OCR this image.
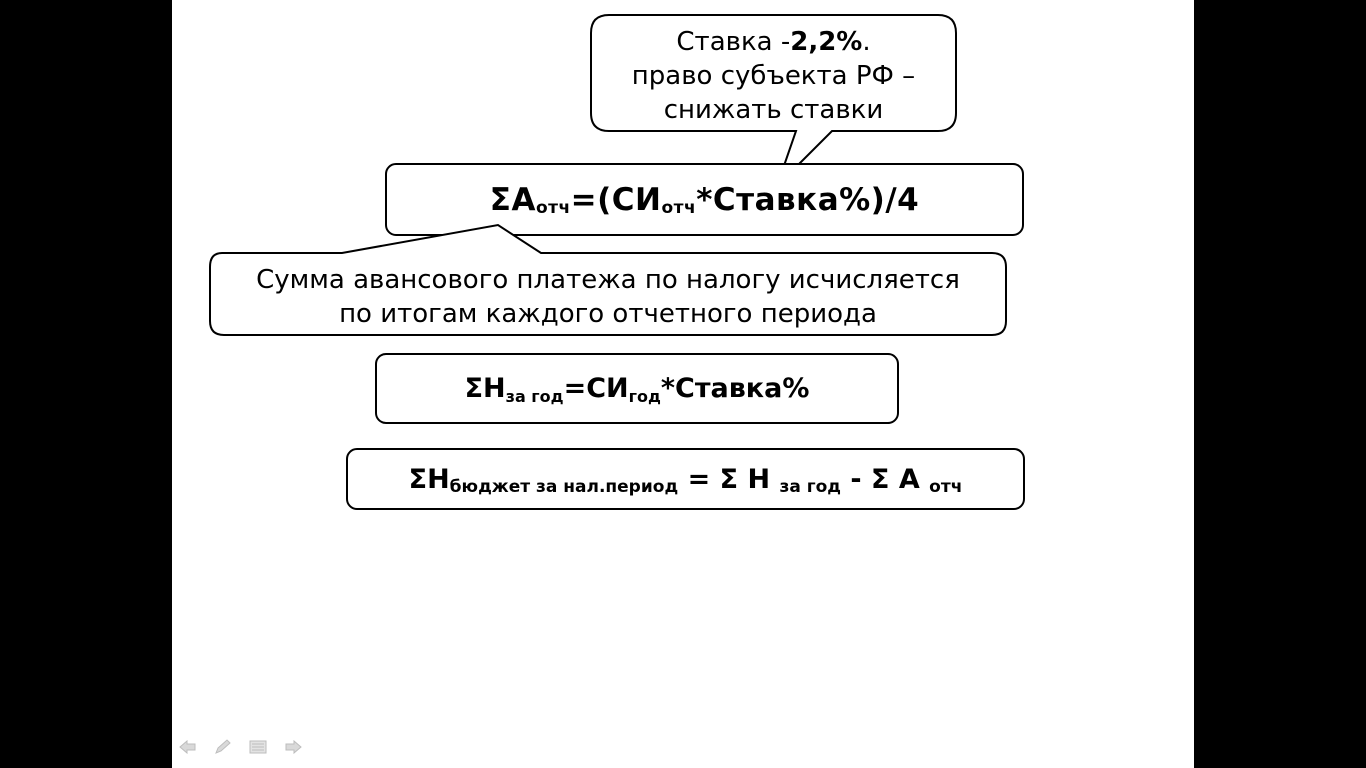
Ставка -2,2%.
право субъекта РФ –
снижать ставки
ΣA отч =(СИ отч *Ставка%)/4
Сумма авансового платежа по налогу исчисляется
по итогам каждого отчетного периода
ΣН за год =СИ год *Ставка%
ΣН бюджет за нал.период = Σ Н за год - Σ А отч
